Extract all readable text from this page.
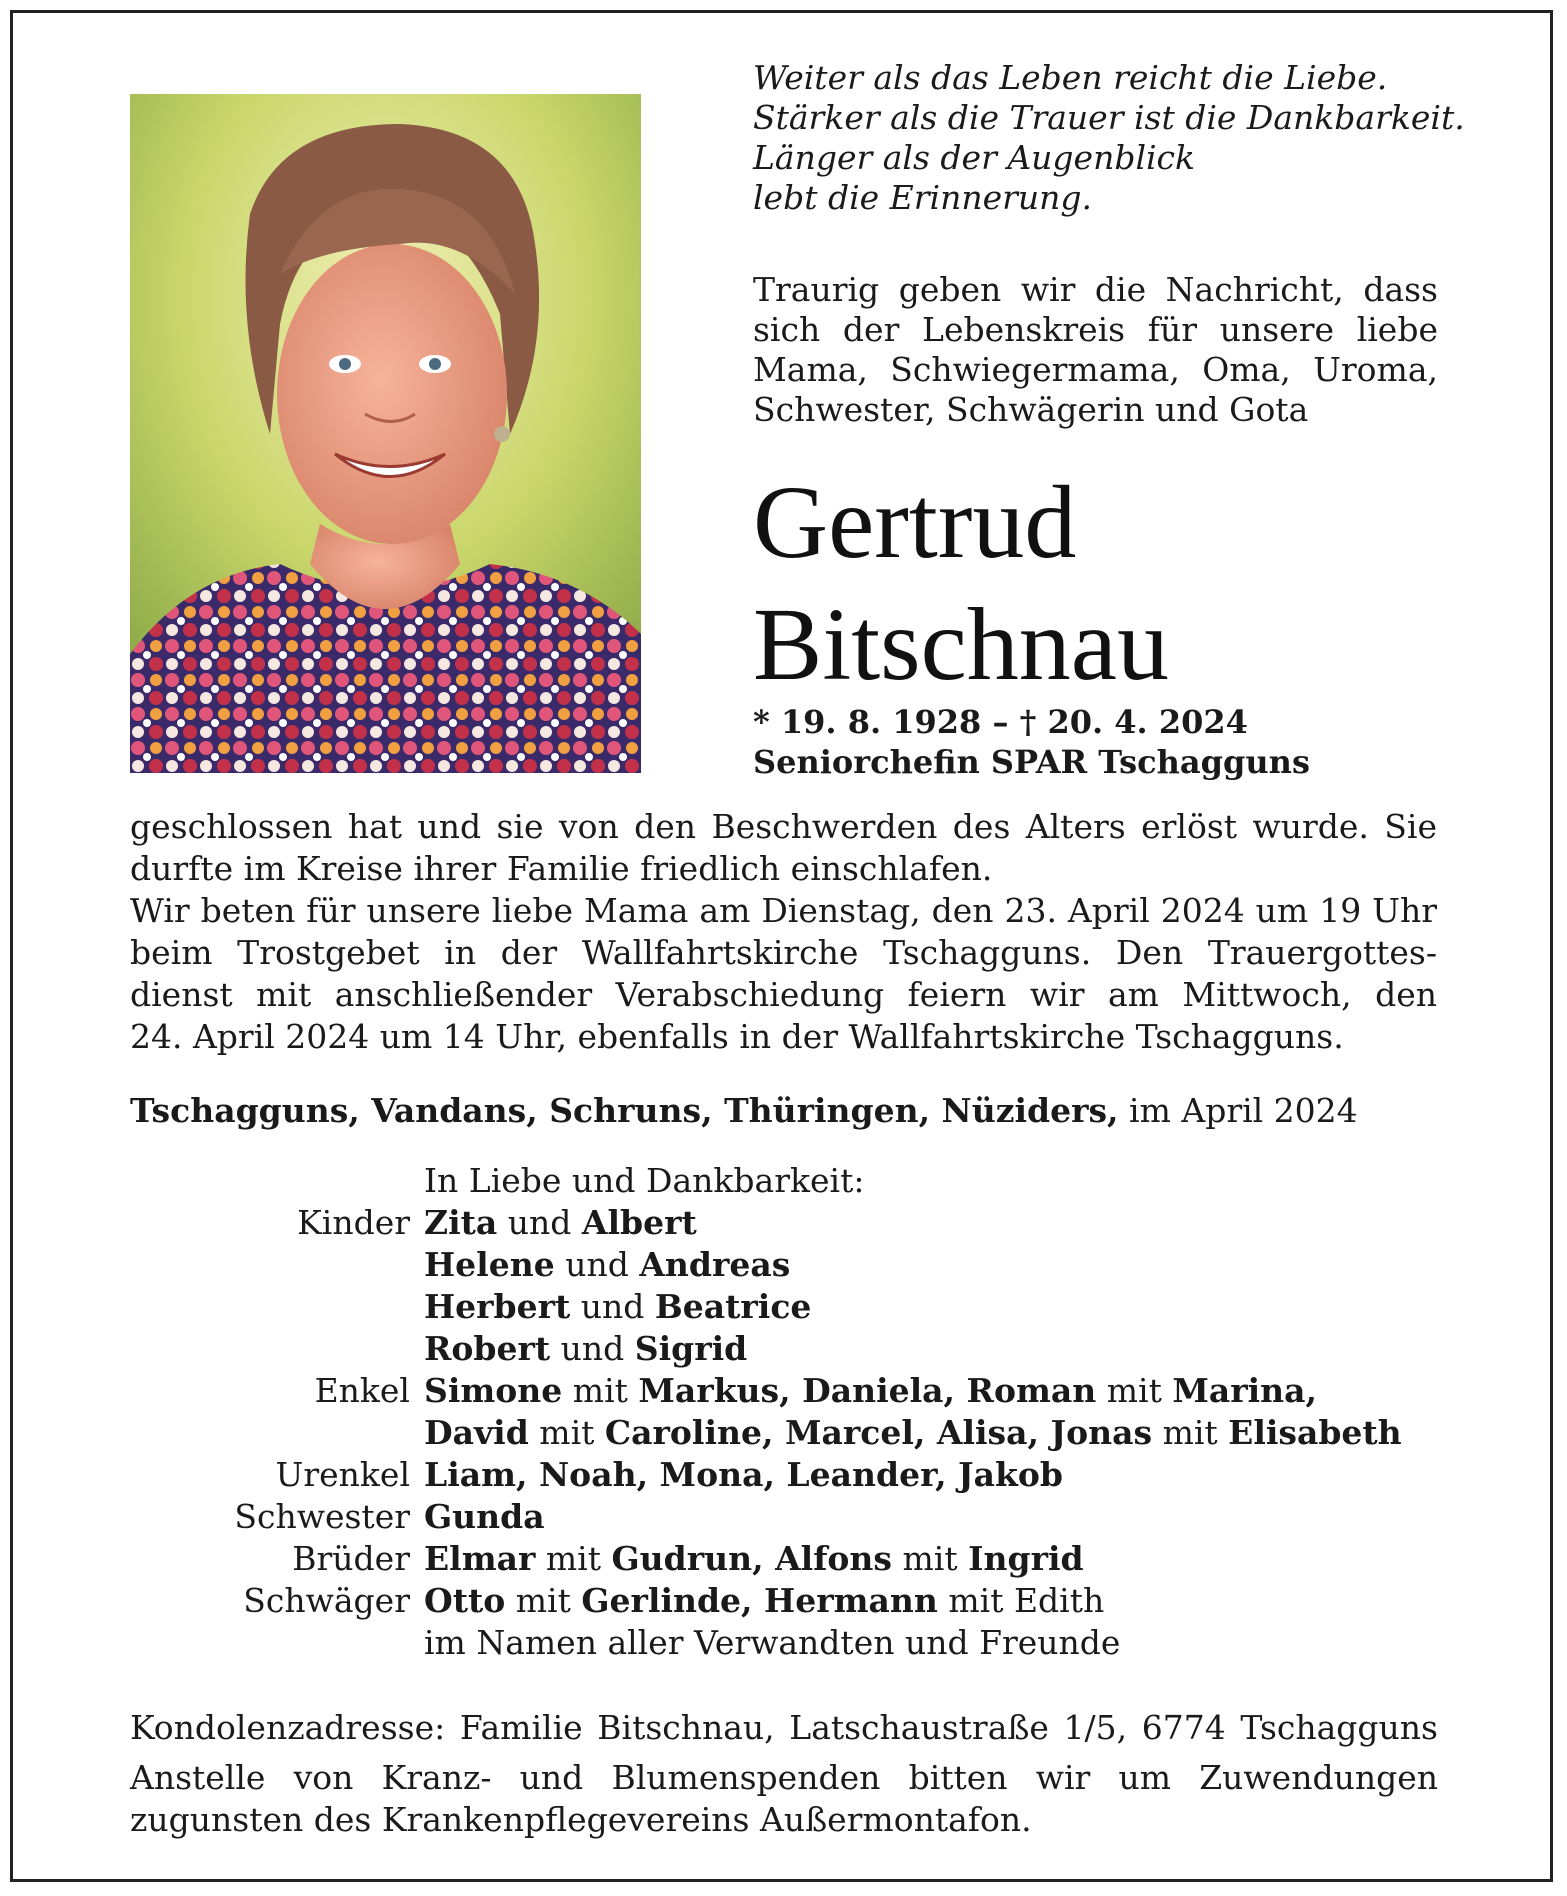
Weiter als das Leben reicht die Liebe.
Stärker als die Trauer ist die Dankbarkeit.
Länger als der Augenblick
lebt die Erinnerung.
Traurig geben wir die Nachricht, dass
sich der Lebenskreis für unsere liebe
Mama, Schwiegermama, Oma, Uroma,
Schwester, Schwägerin und Gota
Gertrud
Bitschnau
* 19. 8. 1928 – † 20. 4. 2024
Seniorchefin SPAR Tschagguns
geschlossen hat und sie von den Beschwerden des Alters erlöst wurde. Sie
durfte im Kreise ihrer Familie friedlich einschlafen.
Wir beten für unsere liebe Mama am Dienstag, den 23. April 2024 um 19 Uhr
beim Trostgebet in der Wallfahrtskirche Tschagguns. Den Trauergottes-
dienst mit anschließender Verabschiedung feiern wir am Mittwoch, den
24. April 2024 um 14 Uhr, ebenfalls in der Wallfahrtskirche Tschagguns.
Tschagguns, Vandans, Schruns, Thüringen, Nüziders, im April 2024
In Liebe und Dankbarkeit:
Kinder Zita und Albert
Helene und Andreas
Herbert und Beatrice
Robert und Sigrid
Enkel Simone mit Markus, Daniela, Roman mit Marina,
David mit Caroline, Marcel, Alisa, Jonas mit Elisabeth
Urenkel Liam, Noah, Mona, Leander, Jakob
Schwester Gunda
Brüder Elmar mit Gudrun, Alfons mit Ingrid
Schwäger Otto mit Gerlinde, Hermann mit Edith
im Namen aller Verwandten und Freunde
Kondolenzadresse: Familie Bitschnau, Latschaustraße 1/5, 6774 Tschagguns
Anstelle von Kranz- und Blumenspenden bitten wir um Zuwendungen
zugunsten des Krankenpflegevereins Außermontafon.
